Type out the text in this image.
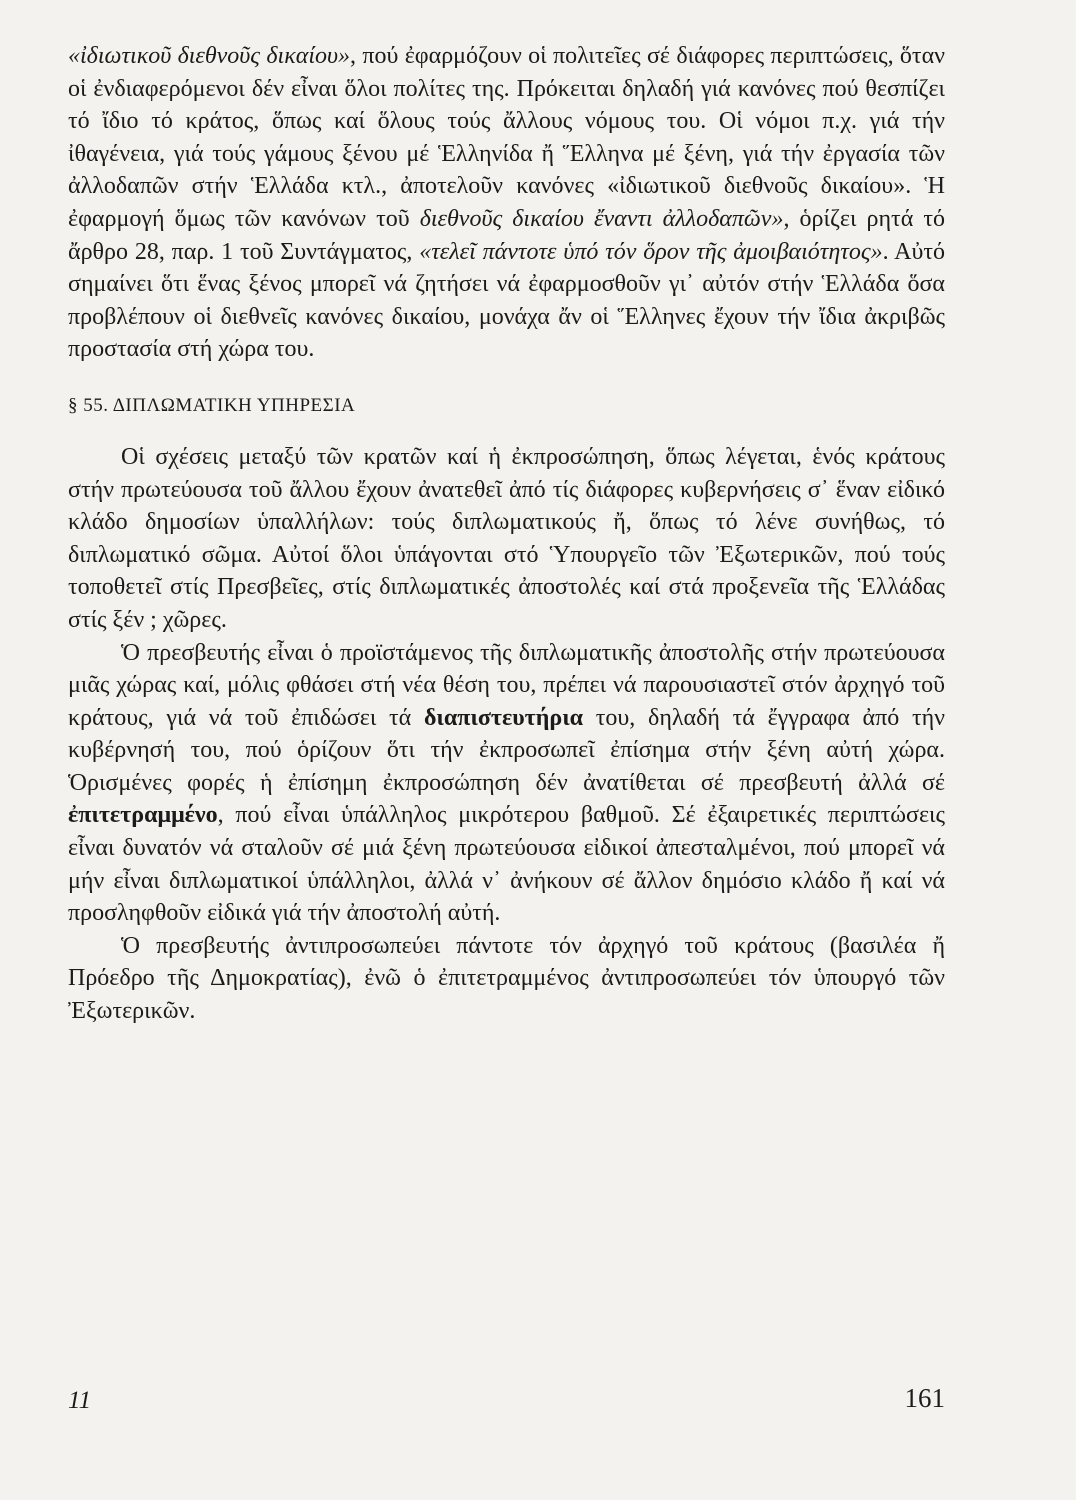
«ἰδιωτικοῦ διεθνοῦς δικαίου», πού ἐφαρμόζουν οἱ πολιτεῖες σέ διάφορες περιπτώσεις, ὅταν οἱ ἐνδιαφερόμενοι δέν εἶναι ὅλοι πολίτες της. Πρόκειται δηλαδή γιά κανόνες πού θεσπίζει τό ἴδιο τό κράτος, ὅπως καί ὅλους τούς ἄλλους νόμους του. Οἱ νόμοι π.χ. γιά τήν ἰθαγένεια, γιά τούς γάμους ξένου μέ Ἑλληνίδα ἤ Ἕλληνα μέ ξένη, γιά τήν ἐργασία τῶν ἀλλοδαπῶν στήν Ἑλλάδα κτλ., ἀποτελοῦν κανόνες «ἰδιωτικοῦ διεθνοῦς δικαίου». Ἡ ἐφαρμογή ὅμως τῶν κανόνων τοῦ διεθνοῦς δικαίου ἔναντι ἀλλοδαπῶν», ὁρίζει ρητά τό ἄρθρο 28, παρ. 1 τοῦ Συντάγματος, «τελεῖ πάντοτε ὑπό τόν ὅρον τῆς ἀμοιβαιότητος». Αὐτό σημαίνει ὅτι ἕνας ξένος μπορεῖ νά ζητήσει νά ἐφαρμοσθοῦν γι᾿ αὐτόν στήν Ἑλλάδα ὅσα προβλέπουν οἱ διεθνεῖς κανόνες δικαίου, μονάχα ἄν οἱ Ἕλληνες ἔχουν τήν ἴδια ἀκριβῶς προστασία στή χώρα του.

§ 55. ΔΙΠΛΩΜΑΤΙΚΗ ΥΠΗΡΕΣΙΑ

Οἱ σχέσεις μεταξύ τῶν κρατῶν καί ἡ ἐκπροσώπηση, ὅπως λέγεται, ἑνός κράτους στήν πρωτεύουσα τοῦ ἄλλου ἔχουν ἀνατεθεῖ ἀπό τίς διάφορες κυβερνήσεις σ᾿ ἕναν εἰδικό κλάδο δημοσίων ὑπαλλήλων: τούς διπλωματικούς ἤ, ὅπως τό λένε συνήθως, τό διπλωματικό σῶμα. Αὐτοί ὅλοι ὑπάγονται στό Ὑπουργεῖο τῶν Ἐξωτερικῶν, πού τούς τοποθετεῖ στίς Πρεσβεῖες, στίς διπλωματικές ἀποστολές καί στά προξενεῖα τῆς Ἑλλάδας στίς ξέν ; χῶρες.

Ὁ πρεσβευτής εἶναι ὁ προϊστάμενος τῆς διπλωματικῆς ἀποστολῆς στήν πρωτεύουσα μιᾶς χώρας καί, μόλις φθάσει στή νέα θέση του, πρέπει νά παρουσιαστεῖ στόν ἀρχηγό τοῦ κράτους, γιά νά τοῦ ἐπιδώσει τά διαπιστευτήρια του, δηλαδή τά ἔγγραφα ἀπό τήν κυβέρνησή του, πού ὁρίζουν ὅτι τήν ἐκπροσωπεῖ ἐπίσημα στήν ξένη αὐτή χώρα. Ὁρισμένες φορές ἡ ἐπίσημη ἐκπροσώπηση δέν ἀνατίθεται σέ πρεσβευτή ἀλλά σέ ἐπιτετραμμένο, πού εἶναι ὑπάλληλος μικρότερου βαθμοῦ. Σέ ἐξαιρετικές περιπτώσεις εἶναι δυνατόν νά σταλοῦν σέ μιά ξένη πρωτεύουσα εἰδικοί ἀπεσταλμένοι, πού μπορεῖ νά μήν εἶναι διπλωματικοί ὑπάλληλοι, ἀλλά ν᾿ ἀνήκουν σέ ἄλλον δημόσιο κλάδο ἤ καί νά προσληφθοῦν εἰδικά γιά τήν ἀποστολή αὐτή.

Ὁ πρεσβευτής ἀντιπροσωπεύει πάντοτε τόν ἀρχηγό τοῦ κράτους (βασιλέα ἤ Πρόεδρο τῆς Δημοκρατίας), ἐνῶ ὁ ἐπιτετραμμένος ἀντιπροσωπεύει τόν ὑπουργό τῶν Ἐξωτερικῶν.

11	161
